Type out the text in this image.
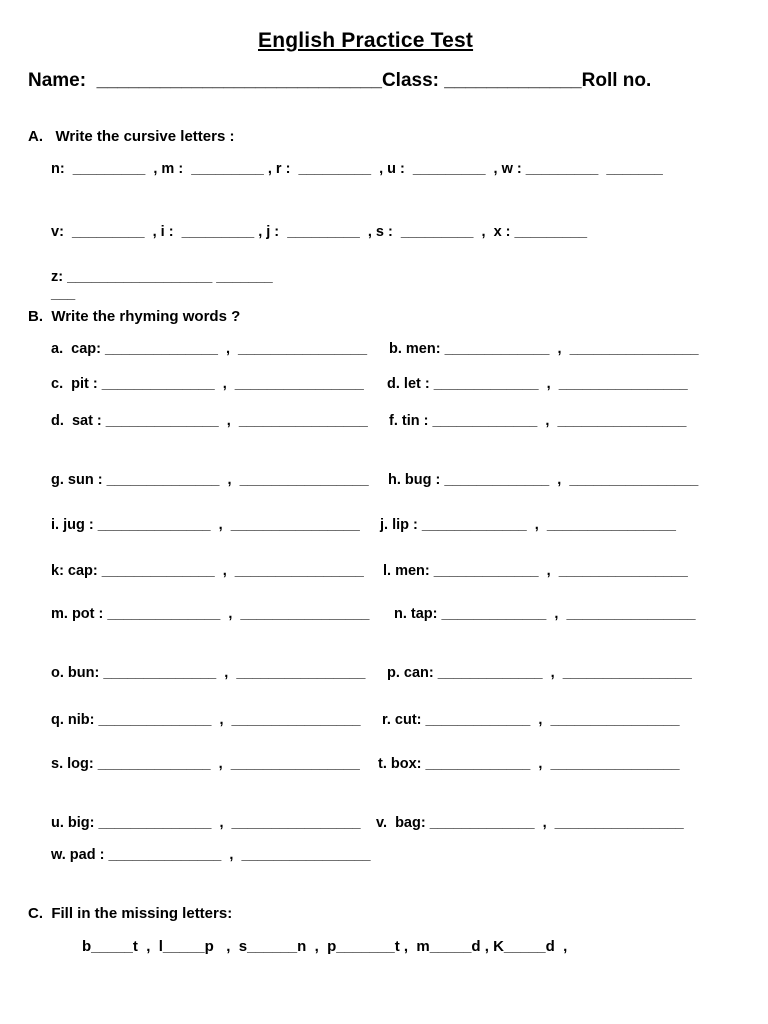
English Practice Test
Name:  ___________________________Class: _____________Roll no.
A.   Write the cursive letters :
n:  _________  , m :  _________ , r :  _________  , u :  _________  , w : _________  _______
v:  _________  , i :  _________ , j :  _________  , s :  _________  ,  x : _________
z: __________________ _______
___
B.  Write the rhyming words ?
a.  cap: ______________  ,  ________________ b. men: _____________  ,  ________________
c.  pit : ______________  ,  ________________ d. let : _____________  ,  ________________
d.  sat : ______________  ,  ________________ f. tin : _____________  ,  ________________
g. sun : ______________  ,  ________________ h. bug : _____________  ,  ________________
i. jug : ______________  ,  ________________ j. lip : _____________  ,  ________________
k: cap: ______________  ,  ________________ l. men: _____________  ,  ________________
m. pot : ______________  ,  ________________ n. tap: _____________  ,  ________________
o. bun: ______________  ,  ________________ p. can: _____________  ,  ________________
q. nib: ______________  ,  ________________ r. cut: _____________  ,  ________________
s. log: ______________  ,  ________________ t. box: _____________  ,  ________________
u. big: ______________  ,  ________________ v.  bag: _____________  ,  ________________
w. pad : ______________  ,  ________________
C.  Fill in the missing letters:
b_____t  ,  l_____p   ,  s______n  ,  p_______t ,  m_____d , K_____d  ,
